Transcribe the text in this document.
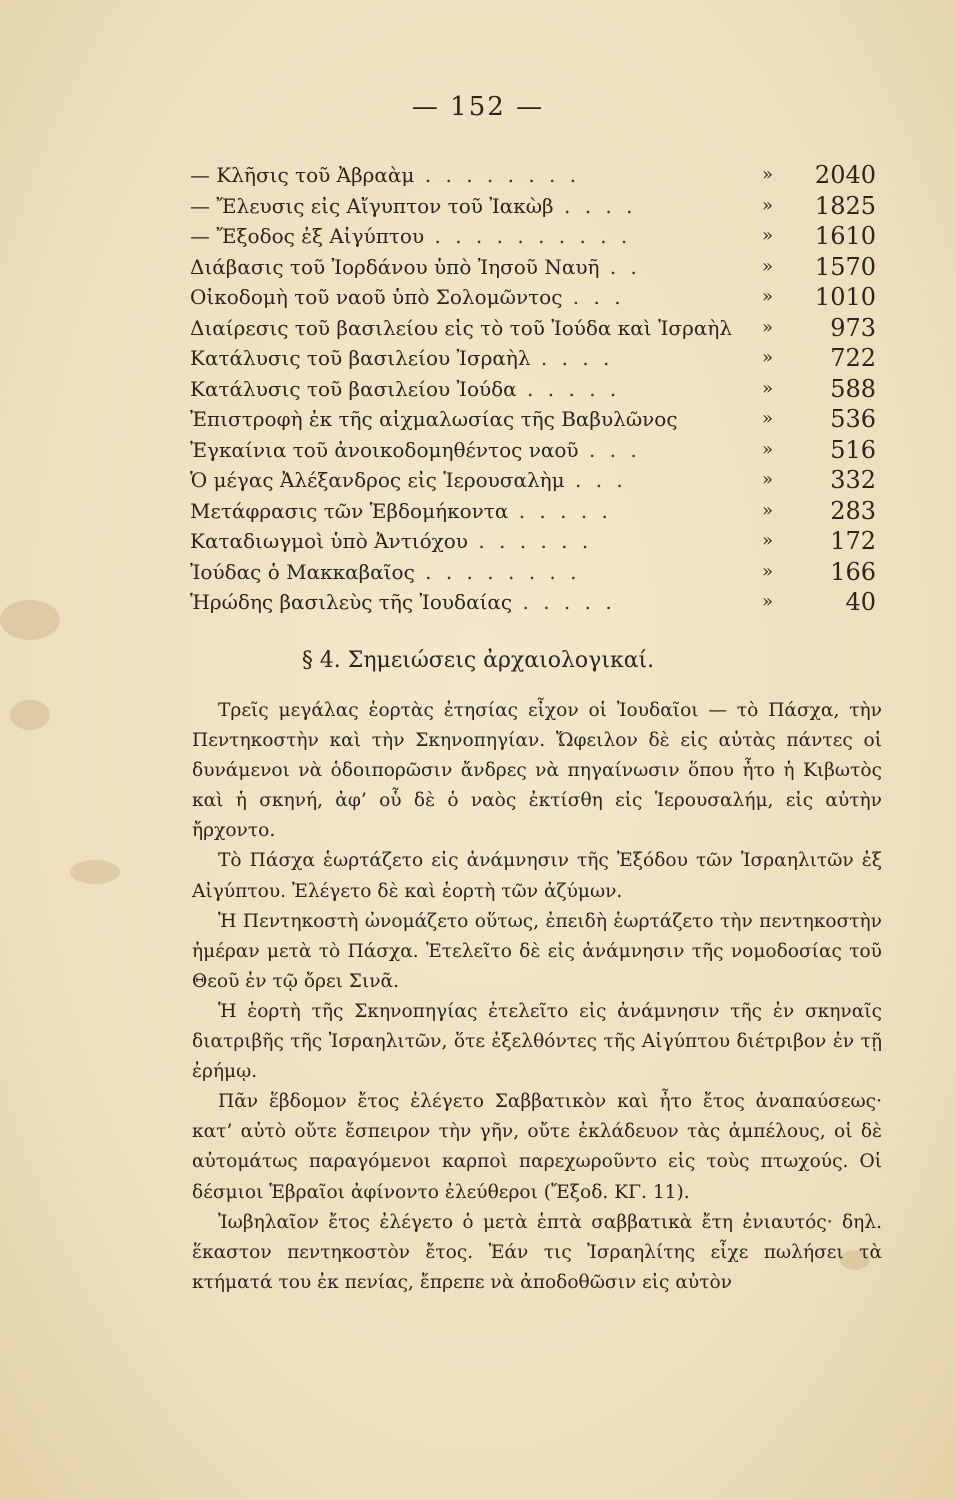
— 152 —
— Κλῆσις τοῦ Ἀβραὰμ . . . . . . . .	» 2040
— Ἔλευσις εἰς Αἴγυπτον τοῦ Ἰακὼβ . . . .	» 1825
— Ἔξοδος ἐξ Αἰγύπτου . . . . . . . . . .	» 1610
Διάβασις τοῦ Ἰορδάνου ὑπὸ Ἰησοῦ Ναυῆ . .	» 1570
Οἰκοδομὴ τοῦ ναοῦ ὑπὸ Σολομῶντος . . .	» 1010
Διαίρεσις τοῦ βασιλείου εἰς τὸ τοῦ Ἰούδα καὶ Ἰσραὴλ » 973
Κατάλυσις τοῦ βασιλείου Ἰσραὴλ . . . .	» 722
Κατάλυσις τοῦ βασιλείου Ἰούδα . . . . .	» 588
Ἐπιστροφὴ ἐκ τῆς αἰχμαλωσίας τῆς Βαβυλῶνος	» 536
Ἐγκαίνια τοῦ ἀνοικοδομηθέντος ναοῦ . . .	» 516
Ὁ μέγας Ἀλέξανδρος εἰς Ἱερουσαλὴμ . . .	» 332
Μετάφρασις τῶν Ἑβδομήκοντα . . . . .	» 283
Καταδιωγμοὶ ὑπὸ Ἀντιόχου . . . . . .	» 172
Ἰούδας ὁ Μακκαβαῖος . . . . . . . .	» 166
Ἡρώδης βασιλεὺς τῆς Ἰουδαίας . . . . .	»	40
§ 4. Σημειώσεις ἀρχαιολογικαί.

Τρεῖς μεγάλας ἑορτὰς ἐτησίας εἶχον οἱ Ἰουδαῖοι — τὸ Πάσχα, τὴν Πεντηκοστὴν καὶ τὴν Σκηνοπηγίαν. Ὤφειλον δὲ εἰς αὐτὰς πάντες οἱ δυνάμενοι νὰ ὁδοιπορῶσιν ἄνδρες νὰ πηγαίνωσιν ὅπου ἦτο ἡ Κιβωτὸς καὶ ἡ σκηνή, ἀφ’ οὗ δὲ ὁ ναὸς ἐκτίσθη εἰς Ἱερουσαλήμ, εἰς αὐτὴν ἤρχοντο.

Τὸ Πάσχα ἑωρτάζετο εἰς ἀνάμνησιν τῆς Ἐξόδου τῶν Ἰσραηλιτῶν ἐξ Αἰγύπτου. Ἐλέγετο δὲ καὶ ἑορτὴ τῶν ἀζύμων.

Ἡ Πεντηκοστὴ ὠνομάζετο οὕτως, ἐπειδὴ ἑωρτάζετο τὴν πεντηκοστὴν ἡμέραν μετὰ τὸ Πάσχα. Ἐτελεῖτο δὲ εἰς ἀνάμνησιν τῆς νομοδοσίας τοῦ Θεοῦ ἐν τῷ ὄρει Σινᾶ.

Ἡ ἑορτὴ τῆς Σκηνοπηγίας ἐτελεῖτο εἰς ἀνάμνησιν τῆς ἐν σκηναῖς διατριβῆς τῆς Ἰσραηλιτῶν, ὅτε ἐξελθόντες τῆς Αἰγύπτου διέτριβον ἐν τῇ ἐρήμῳ.

Πᾶν ἕβδομον ἔτος ἐλέγετο Σαββατικὸν καὶ ἦτο ἔτος ἀναπαύσεως· κατ’ αὐτὸ οὔτε ἔσπειρον τὴν γῆν, οὔτε ἐκλάδευον τὰς ἀμπέλους, οἱ δὲ αὐτομάτως παραγόμενοι καρποὶ παρεχωροῦντο εἰς τοὺς πτωχούς. Οἱ δέσμιοι Ἑβραῖοι ἀφίνοντο ἐλεύθεροι (Ἔξοδ. ΚΓ. 11).

Ἰωβηλαῖον ἔτος ἐλέγετο ὁ μετὰ ἑπτὰ σαββατικὰ ἔτη ἐνιαυτός· δηλ. ἕκαστον πεντηκοστὸν ἔτος. Ἐάν τις Ἰσραηλίτης εἶχε πωλήσει τὰ κτήματά του ἐκ πενίας, ἔπρεπε νὰ ἀποδοθῶσιν εἰς αὐτὸν
